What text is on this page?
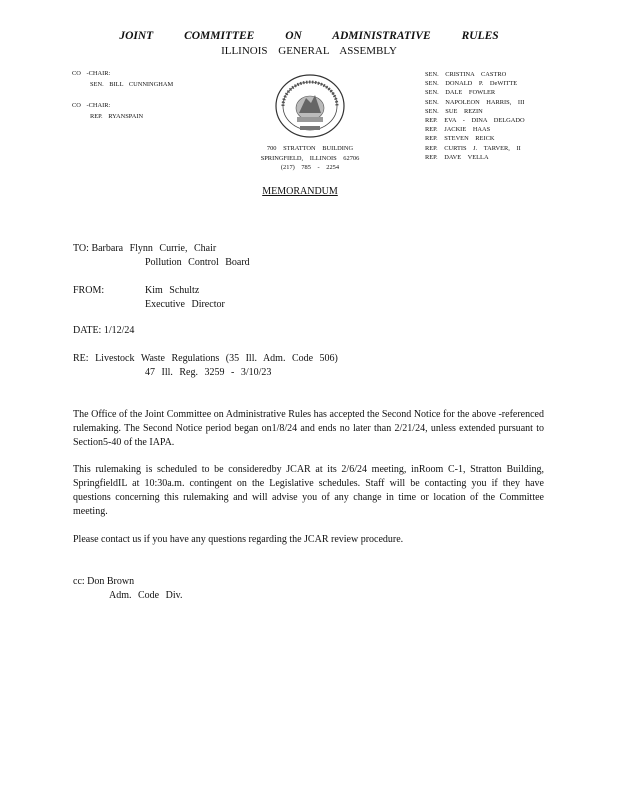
JOINT COMMITTEE ON ADMINISTRATIVE RULES
ILLINOIS GENERAL ASSEMBLY
CO -CHAIR:
SEN. BILL CUNNINGHAM
CO -CHAIR:
REP. RYANSPAIN
700 STRATTON BUILDING
SPRINGFIELD, ILLINOIS 62706
(217) 785 - 2254
SEN. CRISTINA CASTRO
SEN. DONALD P. DeWITTE
SEN. DALE FOWLER
SEN. NAPOLEON HARRIS, III
SEN. SUE REZIN
REP. EVA - DINA DELGADO
REP. JACKIE HAAS
REP. STEVEN REICK
REP. CURTIS J. TARVER, II
REP. DAVE VELLA
MEMORANDUM
TO: Barbara Flynn Currie, Chair
Pollution Control Board
FROM:	Kim Schultz
Executive Director
DATE: 1/12/24
RE: Livestock Waste Regulations (35 Ill. Adm. Code 506)
47 Ill. Reg. 3259 - 3/10/23
The Office of the Joint Committee on Administrative Rules has accepted the Second Notice for the above -referenced rulemaking. The Second Notice period began on1/8/24 and ends no later than 2/21/24, unless extended pursuant to Section5-40 of the IAPA.
This rulemaking is scheduled to be consideredby JCAR at its 2/6/24 meeting, inRoom C-1, Stratton Building, SpringfieldIL at 10:30a.m. contingent on the Legislative schedules. Staff will be contacting you if they have questions concerning this rulemaking and will advise you of any change in time or location of the Committee meeting.
Please contact us if you have any questions regarding the JCAR review procedure.
cc: Don Brown
Adm. Code Div.
